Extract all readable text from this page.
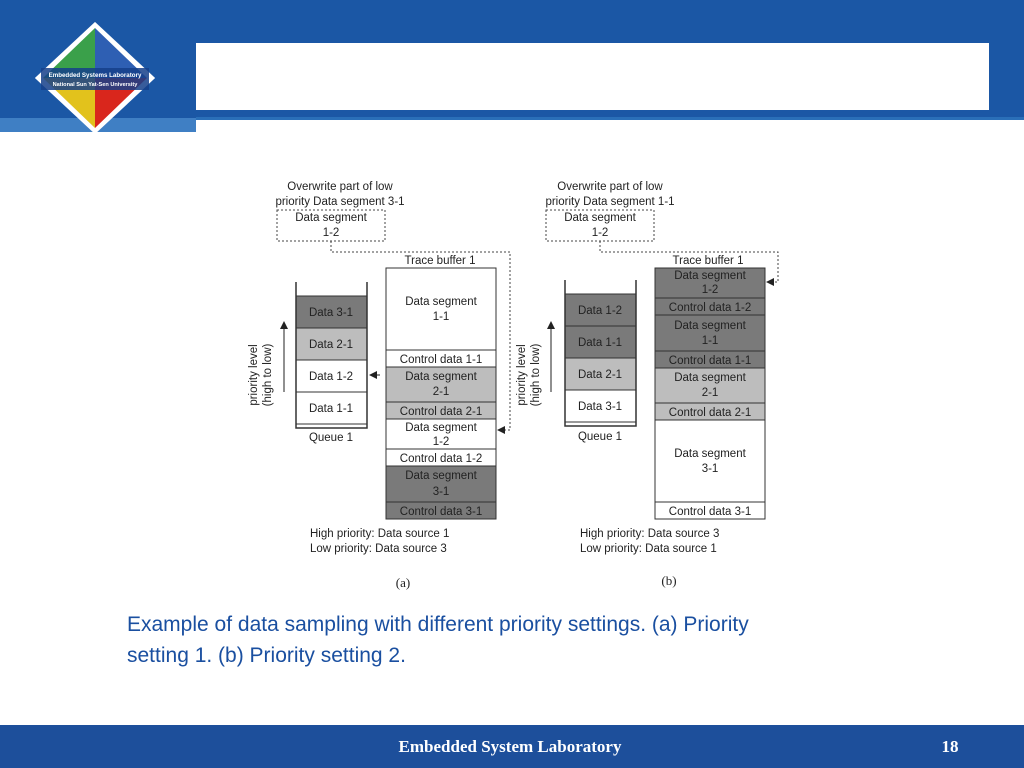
Embedded Systems Laboratory
National Sun Yat-Sen University
Overwrite part of low
priority Data segment 3-1
Data segment
1-2
Trace buffer 1
Data 3-1
Data 2-1
Data 1-2
Data 1-1
Queue 1
priority level (high to low)
Data segment
1-1
Control data 1-1
Data segment
2-1
Control data 2-1
Data segment
1-2
Control data 1-2
Data segment
3-1
Control data 3-1
High priority: Data source 1
Low priority: Data source 3
(a)
Overwrite part of low
priority Data segment 1-1
Data segment
1-2
Trace buffer 1
Data 1-2
Data 1-1
Data 2-1
Data 3-1
Queue 1
priority level (high to low)
Data segment
1-2
Control data 1-2
Data segment
1-1
Control data 1-1
Data segment
2-1
Control data 2-1
Data segment
3-1
Control data 3-1
High priority: Data source 3
Low priority: Data source 1
(b)
Example of data sampling with different priority settings. (a) Priority
setting 1. (b) Priority setting 2.
Embedded System Laboratory	18
